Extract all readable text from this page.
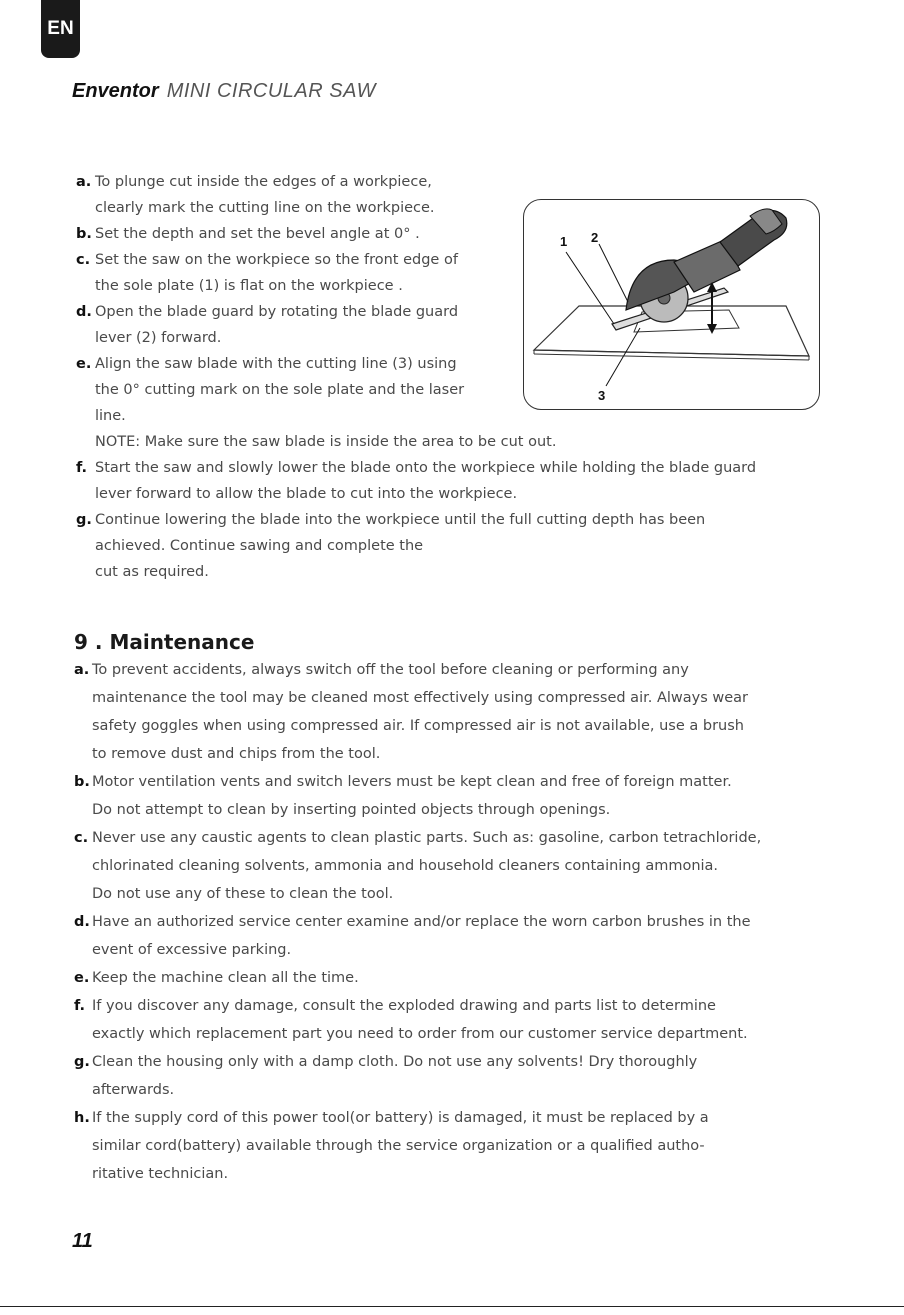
EN
Enventor MINI CIRCULAR SAW
a. To plunge cut inside the edges of a workpiece,
clearly mark the cutting line on the workpiece.
b. Set the depth and set the bevel angle at 0° .
c. Set the saw on the workpiece so the front edge of
the sole plate (1) is flat on the workpiece .
d. Open the blade guard by rotating the blade guard
lever (2) forward.
e. Align the saw blade with the cutting line (3) using
the 0° cutting mark on the sole plate and the laser
line.
NOTE: Make sure the saw blade is inside the area to be cut out.
f. Start the saw and slowly lower the blade onto the workpiece while holding the blade guard
lever forward to allow the blade to cut into the workpiece.
g. Continue lowering the blade into the workpiece until the full cutting depth has been
achieved. Continue sawing and complete the
cut as required.
1 2
3
9 . Maintenance
a. To prevent accidents, always switch off the tool before cleaning or performing any
maintenance the tool may be cleaned most effectively using compressed air. Always wear
safety goggles when using compressed air. If compressed air is not available, use a brush
to remove dust and chips from the tool.
b. Motor ventilation vents and switch levers must be kept clean and free of foreign matter.
Do not attempt to clean by inserting pointed objects through openings.
c. Never use any caustic agents to clean plastic parts. Such as: gasoline, carbon tetrachloride,
chlorinated cleaning solvents, ammonia and household cleaners containing ammonia.
Do not use any of these to clean the tool.
d. Have an authorized service center examine and/or replace the worn carbon brushes in the
event of excessive parking.
e. Keep the machine clean all the time.
f. If you discover any damage, consult the exploded drawing and parts list to determine
exactly which replacement part you need to order from our customer service department.
g. Clean the housing only with a damp cloth. Do not use any solvents! Dry thoroughly
afterwards.
h. If the supply cord of this power tool(or battery) is damaged, it must be replaced by a
similar cord(battery) available through the service organization or a qualified autho-
ritative technician.
11
